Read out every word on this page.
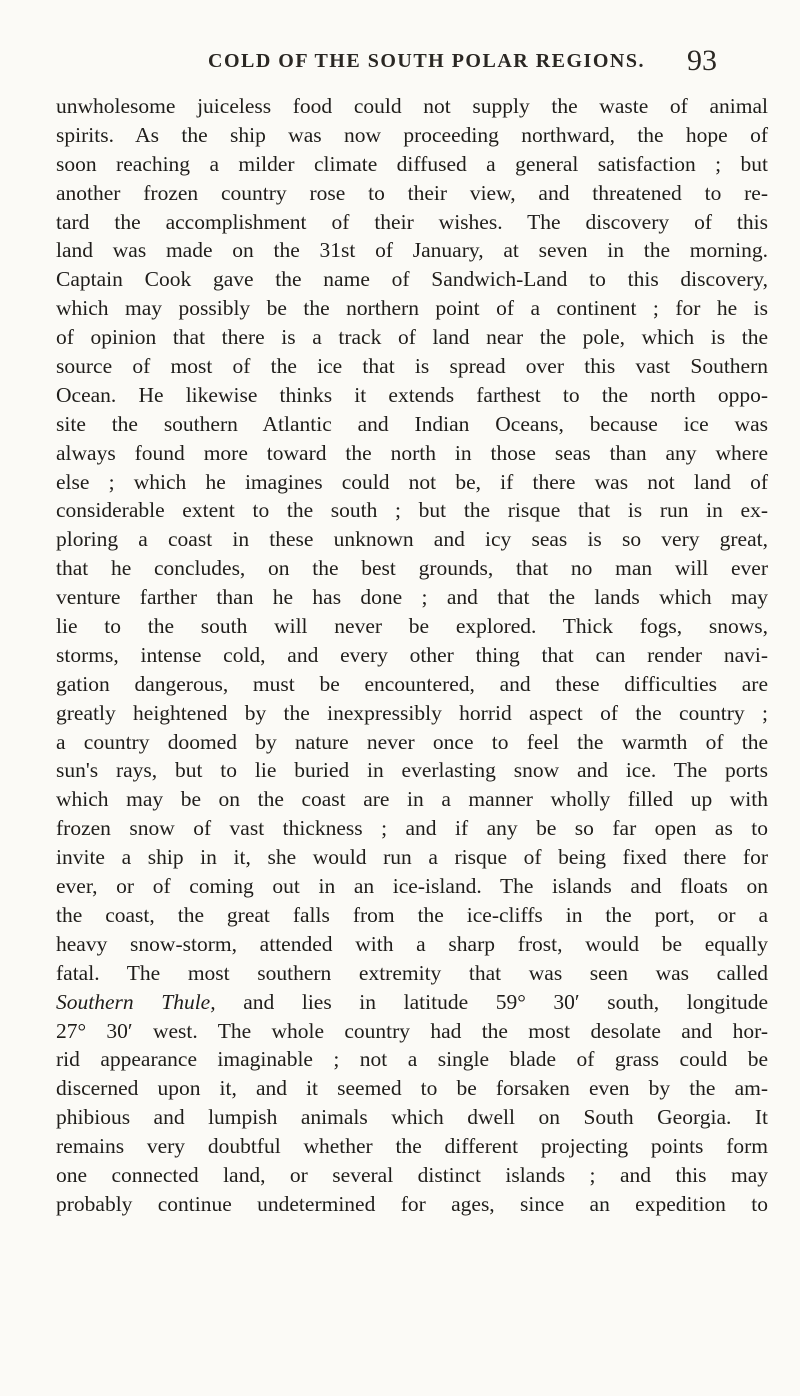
COLD OF THE SOUTH POLAR REGIONS. 93
unwholesome juiceless food could not supply the waste of animal
spirits. As the ship was now proceeding northward, the hope of
soon reaching a milder climate diffused a general satisfaction ; but
another frozen country rose to their view, and threatened to re-
tard the accomplishment of their wishes. The discovery of this
land was made on the 31st of January, at seven in the morning.
Captain Cook gave the name of Sandwich-Land to this discovery,
which may possibly be the northern point of a continent ; for he is
of opinion that there is a track of land near the pole, which is the
source of most of the ice that is spread over this vast Southern
Ocean. He likewise thinks it extends farthest to the north oppo-
site the southern Atlantic and Indian Oceans, because ice was
always found more toward the north in those seas than any where
else ; which he imagines could not be, if there was not land of
considerable extent to the south ; but the risque that is run in ex-
ploring a coast in these unknown and icy seas is so very great,
that he concludes, on the best grounds, that no man will ever
venture farther than he has done ; and that the lands which may
lie to the south will never be explored. Thick fogs, snows,
storms, intense cold, and every other thing that can render navi-
gation dangerous, must be encountered, and these difficulties are
greatly heightened by the inexpressibly horrid aspect of the country ;
a country doomed by nature never once to feel the warmth of the
sun's rays, but to lie buried in everlasting snow and ice. The ports
which may be on the coast are in a manner wholly filled up with
frozen snow of vast thickness ; and if any be so far open as to
invite a ship in it, she would run a risque of being fixed there for
ever, or of coming out in an ice-island. The islands and floats on
the coast, the great falls from the ice-cliffs in the port, or a
heavy snow-storm, attended with a sharp frost, would be equally
fatal. The most southern extremity that was seen was called
Southern Thule, and lies in latitude 59° 30′ south, longitude
27° 30′ west. The whole country had the most desolate and hor-
rid appearance imaginable ; not a single blade of grass could be
discerned upon it, and it seemed to be forsaken even by the am-
phibious and lumpish animals which dwell on South Georgia. It
remains very doubtful whether the different projecting points form
one connected land, or several distinct islands ; and this may
probably continue undetermined for ages, since an expedition to
